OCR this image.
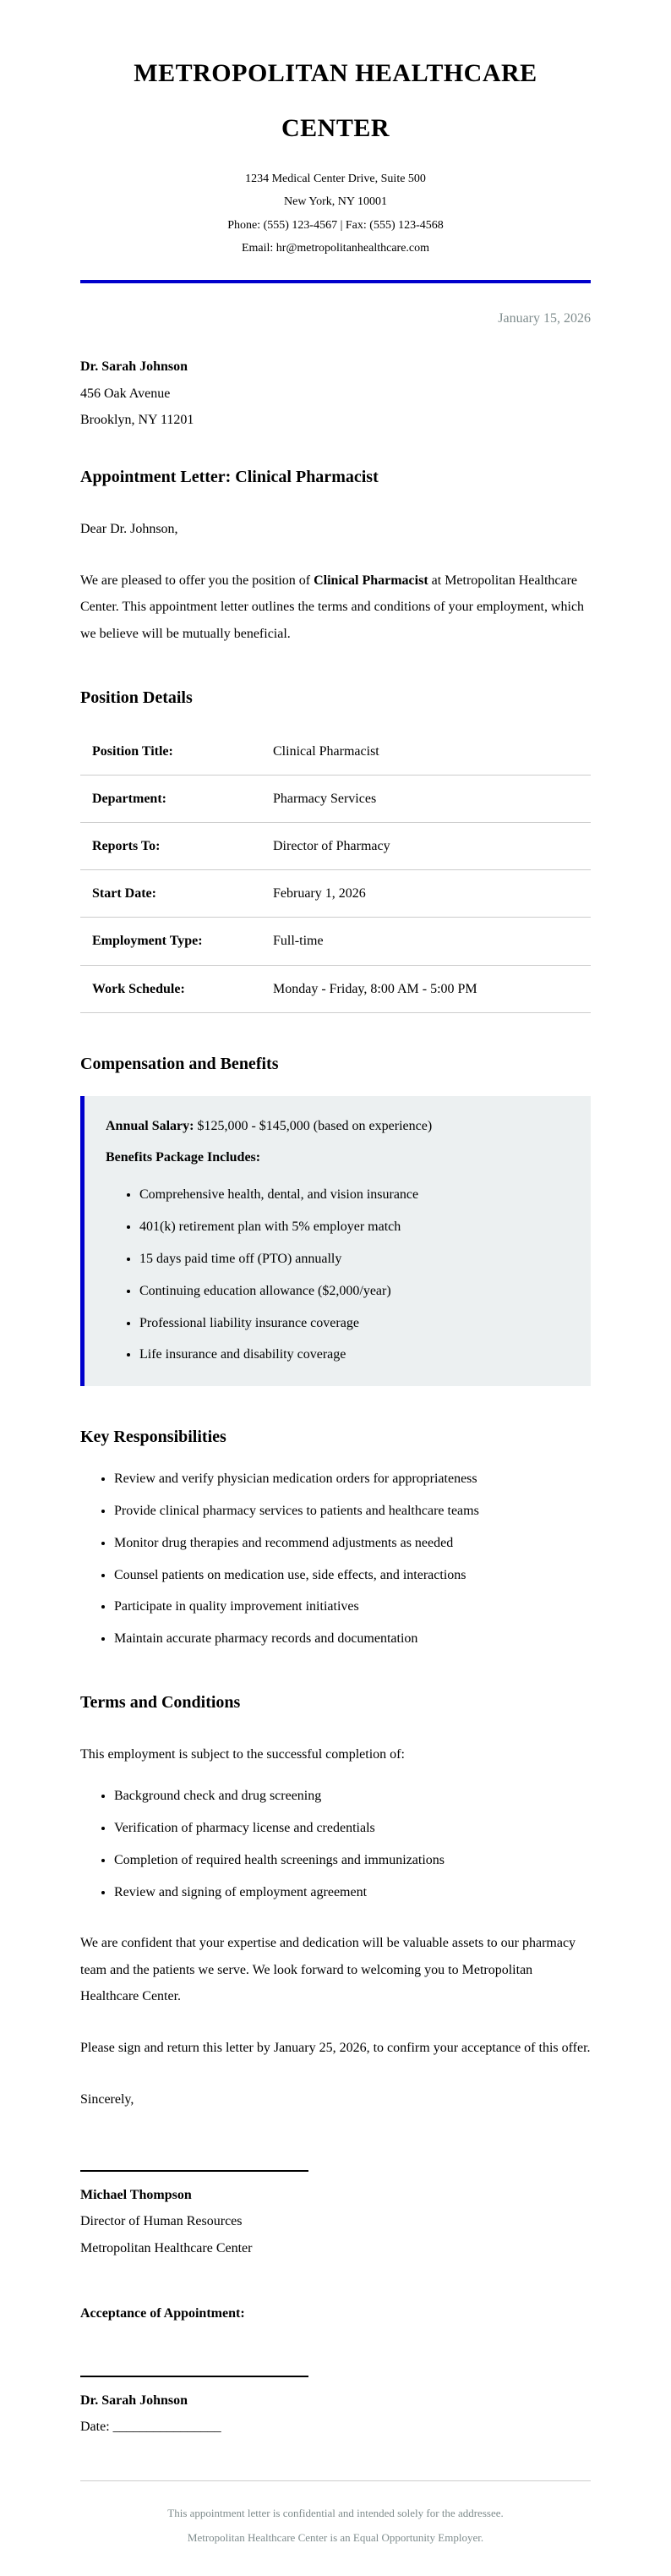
METROPOLITAN HEALTHCARE CENTER

1234 Medical Center Drive, Suite 500

New York, NY 10001

Phone: (555) 123-4567 | Fax: (555) 123-4568

Email: hr@metropolitanhealthcare.com

January 15, 2026

Dr. Sarah Johnson

456 Oak Avenue

Brooklyn, NY 11201

Appointment Letter: Clinical Pharmacist

Dear Dr. Johnson,

We are pleased to offer you the position of Clinical Pharmacist at Metropolitan Healthcare Center. This appointment letter outlines the terms and conditions of your employment, which we believe will be mutually beneficial.

Position Details
Position Title:	Clinical Pharmacist
Department:	Pharmacy Services
Reports To:	Director of Pharmacy
Start Date:	February 1, 2026
Employment Type:	Full-time
Work Schedule:	Monday - Friday, 8:00 AM - 5:00 PM
Compensation and Benefits

Annual Salary: $125,000 - $145,000 (based on experience)

Benefits Package Includes:

• Comprehensive health, dental, and vision insurance
• 401(k) retirement plan with 5% employer match
• 15 days paid time off (PTO) annually
• Continuing education allowance ($2,000/year)
• Professional liability insurance coverage
• Life insurance and disability coverage
Key Responsibilities
• Review and verify physician medication orders for appropriateness
• Provide clinical pharmacy services to patients and healthcare teams
• Monitor drug therapies and recommend adjustments as needed
• Counsel patients on medication use, side effects, and interactions
• Participate in quality improvement initiatives
• Maintain accurate pharmacy records and documentation
Terms and Conditions

This employment is subject to the successful completion of:

• Background check and drug screening
• Verification of pharmacy license and credentials
• Completion of required health screenings and immunizations
• Review and signing of employment agreement

We are confident that your expertise and dedication will be valuable assets to our pharmacy team and the patients we serve. We look forward to welcoming you to Metropolitan Healthcare Center.

Please sign and return this letter by January 25, 2026, to confirm your acceptance of this offer.

Sincerely,

Michael Thompson

Director of Human Resources

Metropolitan Healthcare Center

Acceptance of Appointment:

Dr. Sarah Johnson

Date: ________________

This appointment letter is confidential and intended solely for the addressee.

Metropolitan Healthcare Center is an Equal Opportunity Employer.
